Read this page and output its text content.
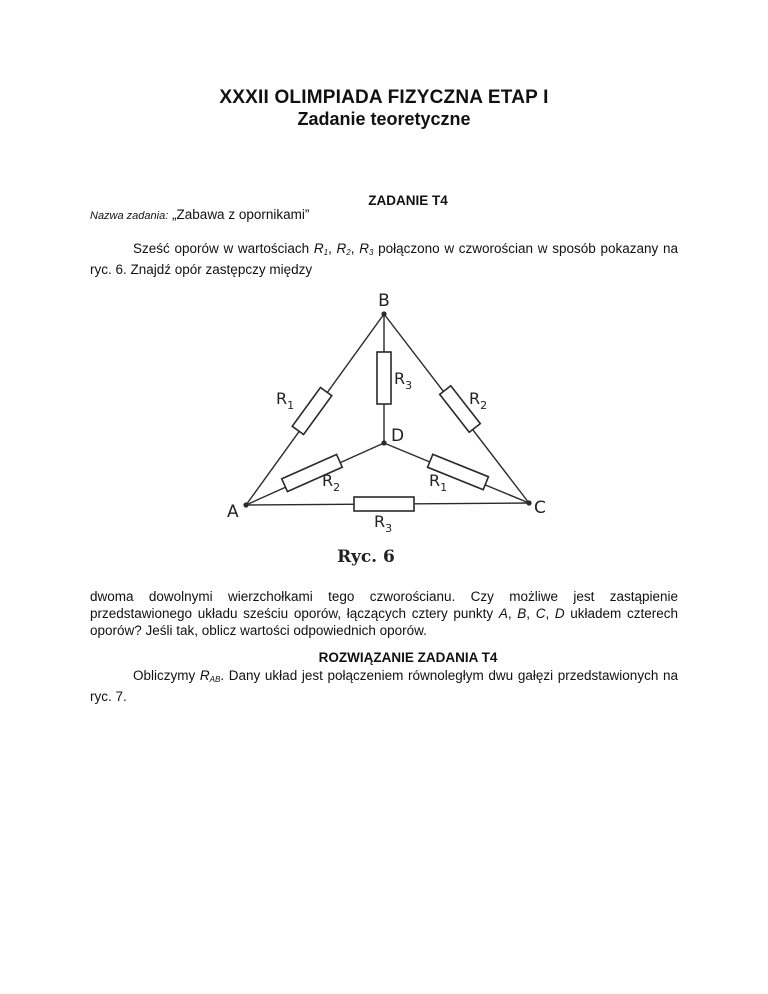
XXXII OLIMPIADA FIZYCZNA ETAP I
Zadanie teoretyczne
ZADANIE T4
Nazwa zadania: „Zabawa z opornikami”
Sześć oporów w wartościach $R_1$, $R_2$, $R_3$ połączono w czworościan w sposób pokazany na ryc. 6. Znajdź opór zastępczy między
B
A	C
D
$R_1$	$R_2$
$R_3$
$R_2$	$R_1$
$R_3$
Ryc. 6
dwoma dowolnymi wierzchołkami tego czworościanu. Czy możliwe jest zastąpienie przedstawionego układu sześciu oporów, łączących cztery punkty A, B, C, D układem czterech oporów? Jeśli tak, oblicz wartości odpowiednich oporów.
ROZWIĄZANIE ZADANIA T4
Obliczymy $R_{AB}$. Dany układ jest połączeniem równoległym dwu gałęzi przedstawionych na ryc. 7.
